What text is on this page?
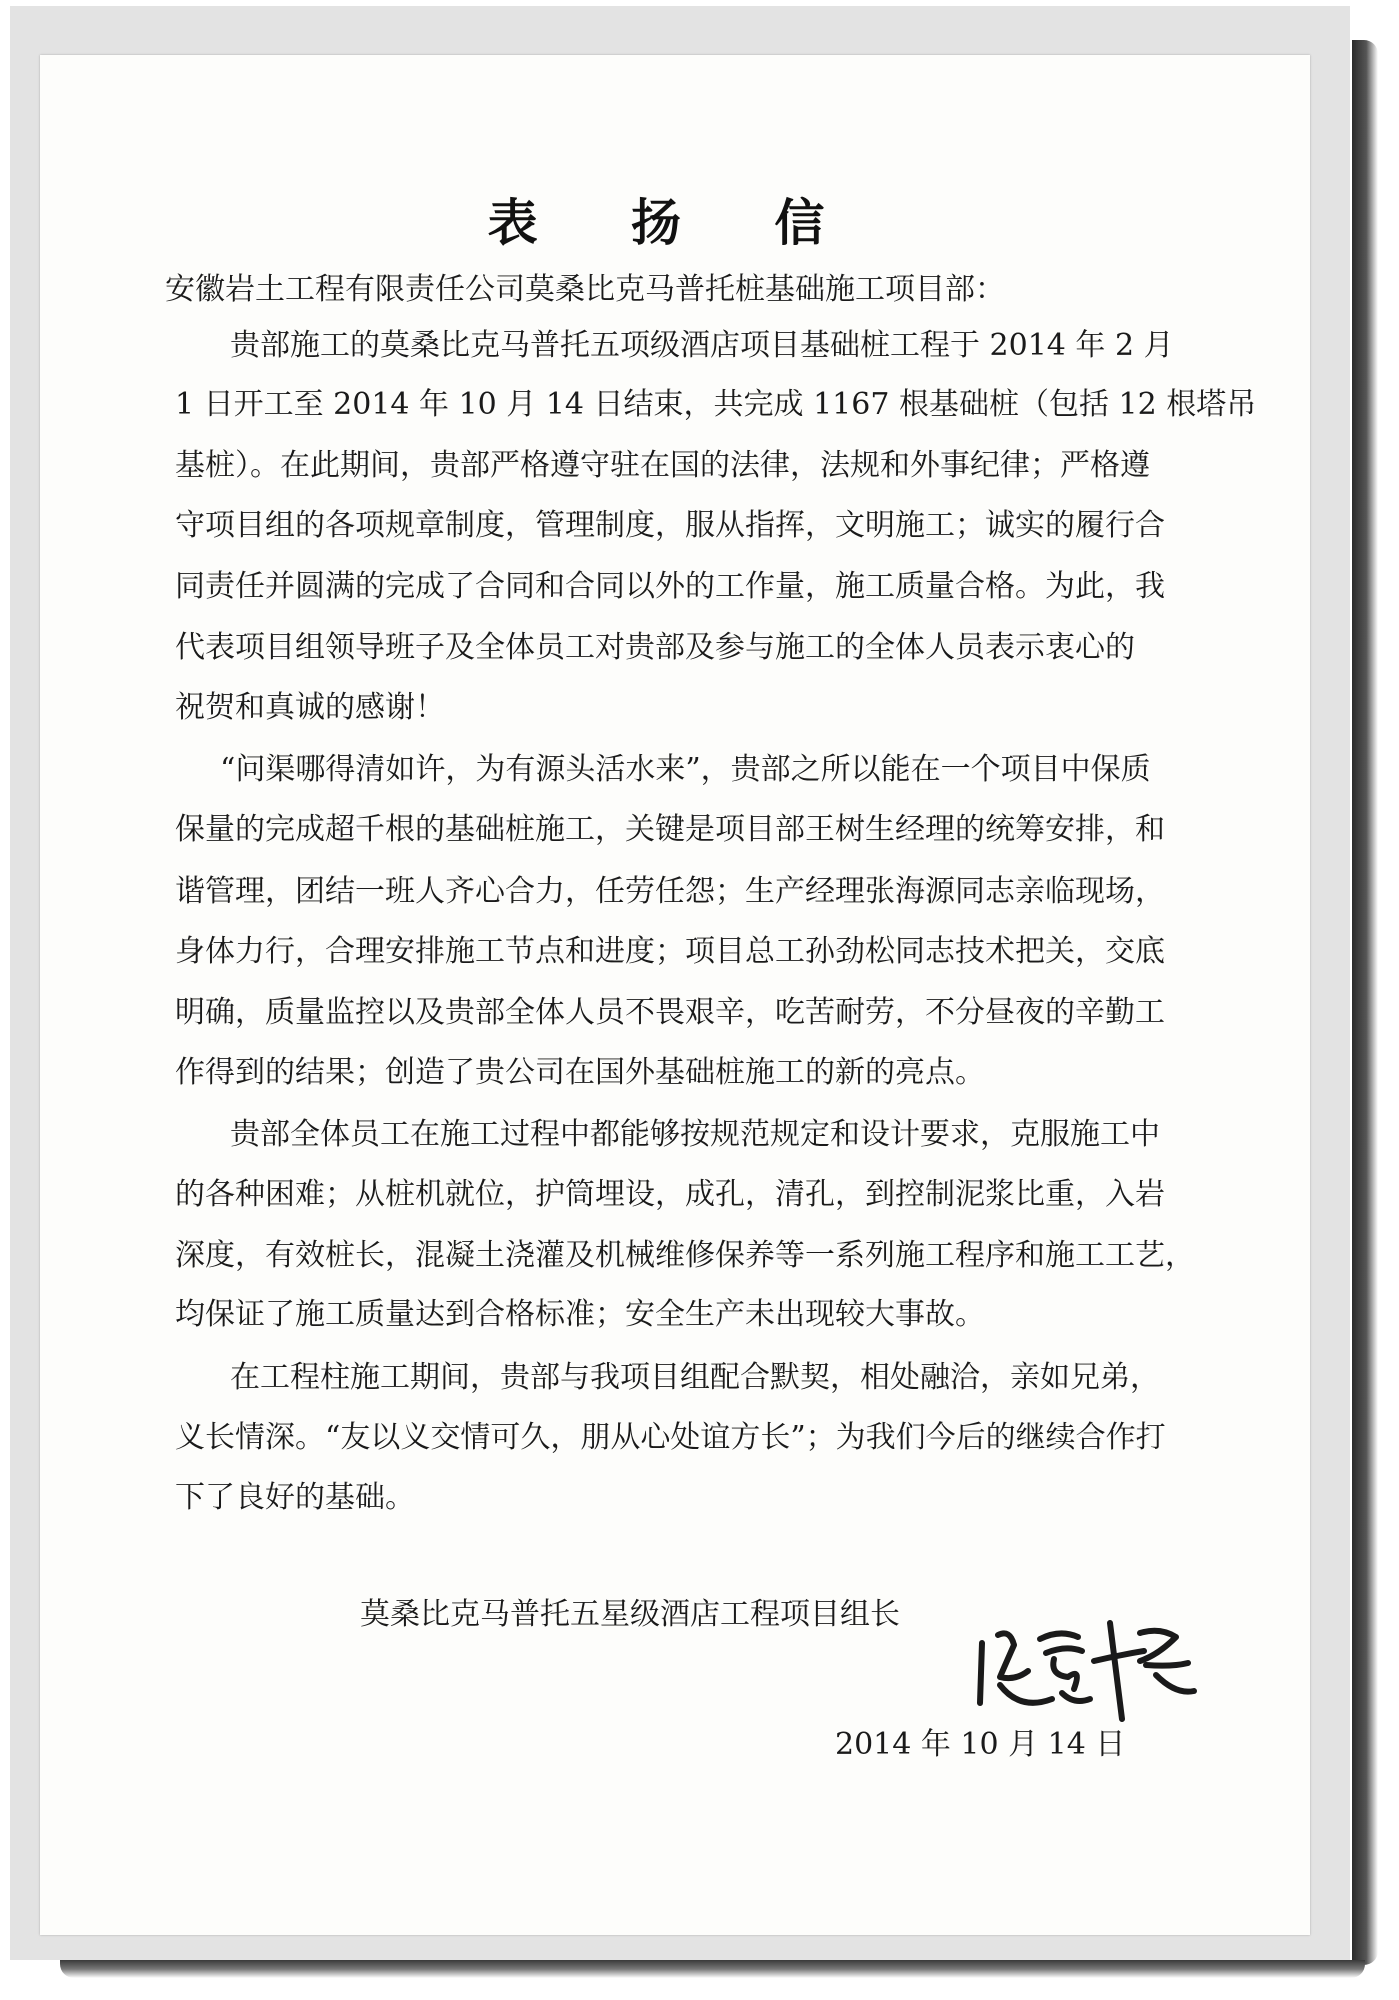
表 扬 信
安徽岩土工程有限责任公司莫桑比克马普托桩基础施工项目部：
贵部施工的莫桑比克马普托五项级酒店项目基础桩工程于 2014 年 2 月
1 日开工至 2014 年 10 月 14 日结束，共完成 1167 根基础桩（包括 12 根塔吊
基桩）。在此期间，贵部严格遵守驻在国的法律，法规和外事纪律；严格遵
守项目组的各项规章制度，管理制度，服从指挥，文明施工；诚实的履行合
同责任并圆满的完成了合同和合同以外的工作量，施工质量合格。为此，我
代表项目组领导班子及全体员工对贵部及参与施工的全体人员表示衷心的
祝贺和真诚的感谢！
“问渠哪得清如许，为有源头活水来”，贵部之所以能在一个项目中保质
保量的完成超千根的基础桩施工，关键是项目部王树生经理的统筹安排，和
谐管理，团结一班人齐心合力，任劳任怨；生产经理张海源同志亲临现场，
身体力行，合理安排施工节点和进度；项目总工孙劲松同志技术把关，交底
明确，质量监控以及贵部全体人员不畏艰辛，吃苦耐劳，不分昼夜的辛勤工
作得到的结果；创造了贵公司在国外基础桩施工的新的亮点。
贵部全体员工在施工过程中都能够按规范规定和设计要求，克服施工中
的各种困难；从桩机就位，护筒埋设，成孔，清孔，到控制泥浆比重，入岩
深度，有效桩长，混凝土浇灌及机械维修保养等一系列施工程序和施工工艺，
均保证了施工质量达到合格标准；安全生产未出现较大事故。
在工程柱施工期间，贵部与我项目组配合默契，相处融洽，亲如兄弟，
义长情深。“友以义交情可久，朋从心处谊方长”；为我们今后的继续合作打
下了良好的基础。
莫桑比克马普托五星级酒店工程项目组长
2014 年 10 月 14 日
